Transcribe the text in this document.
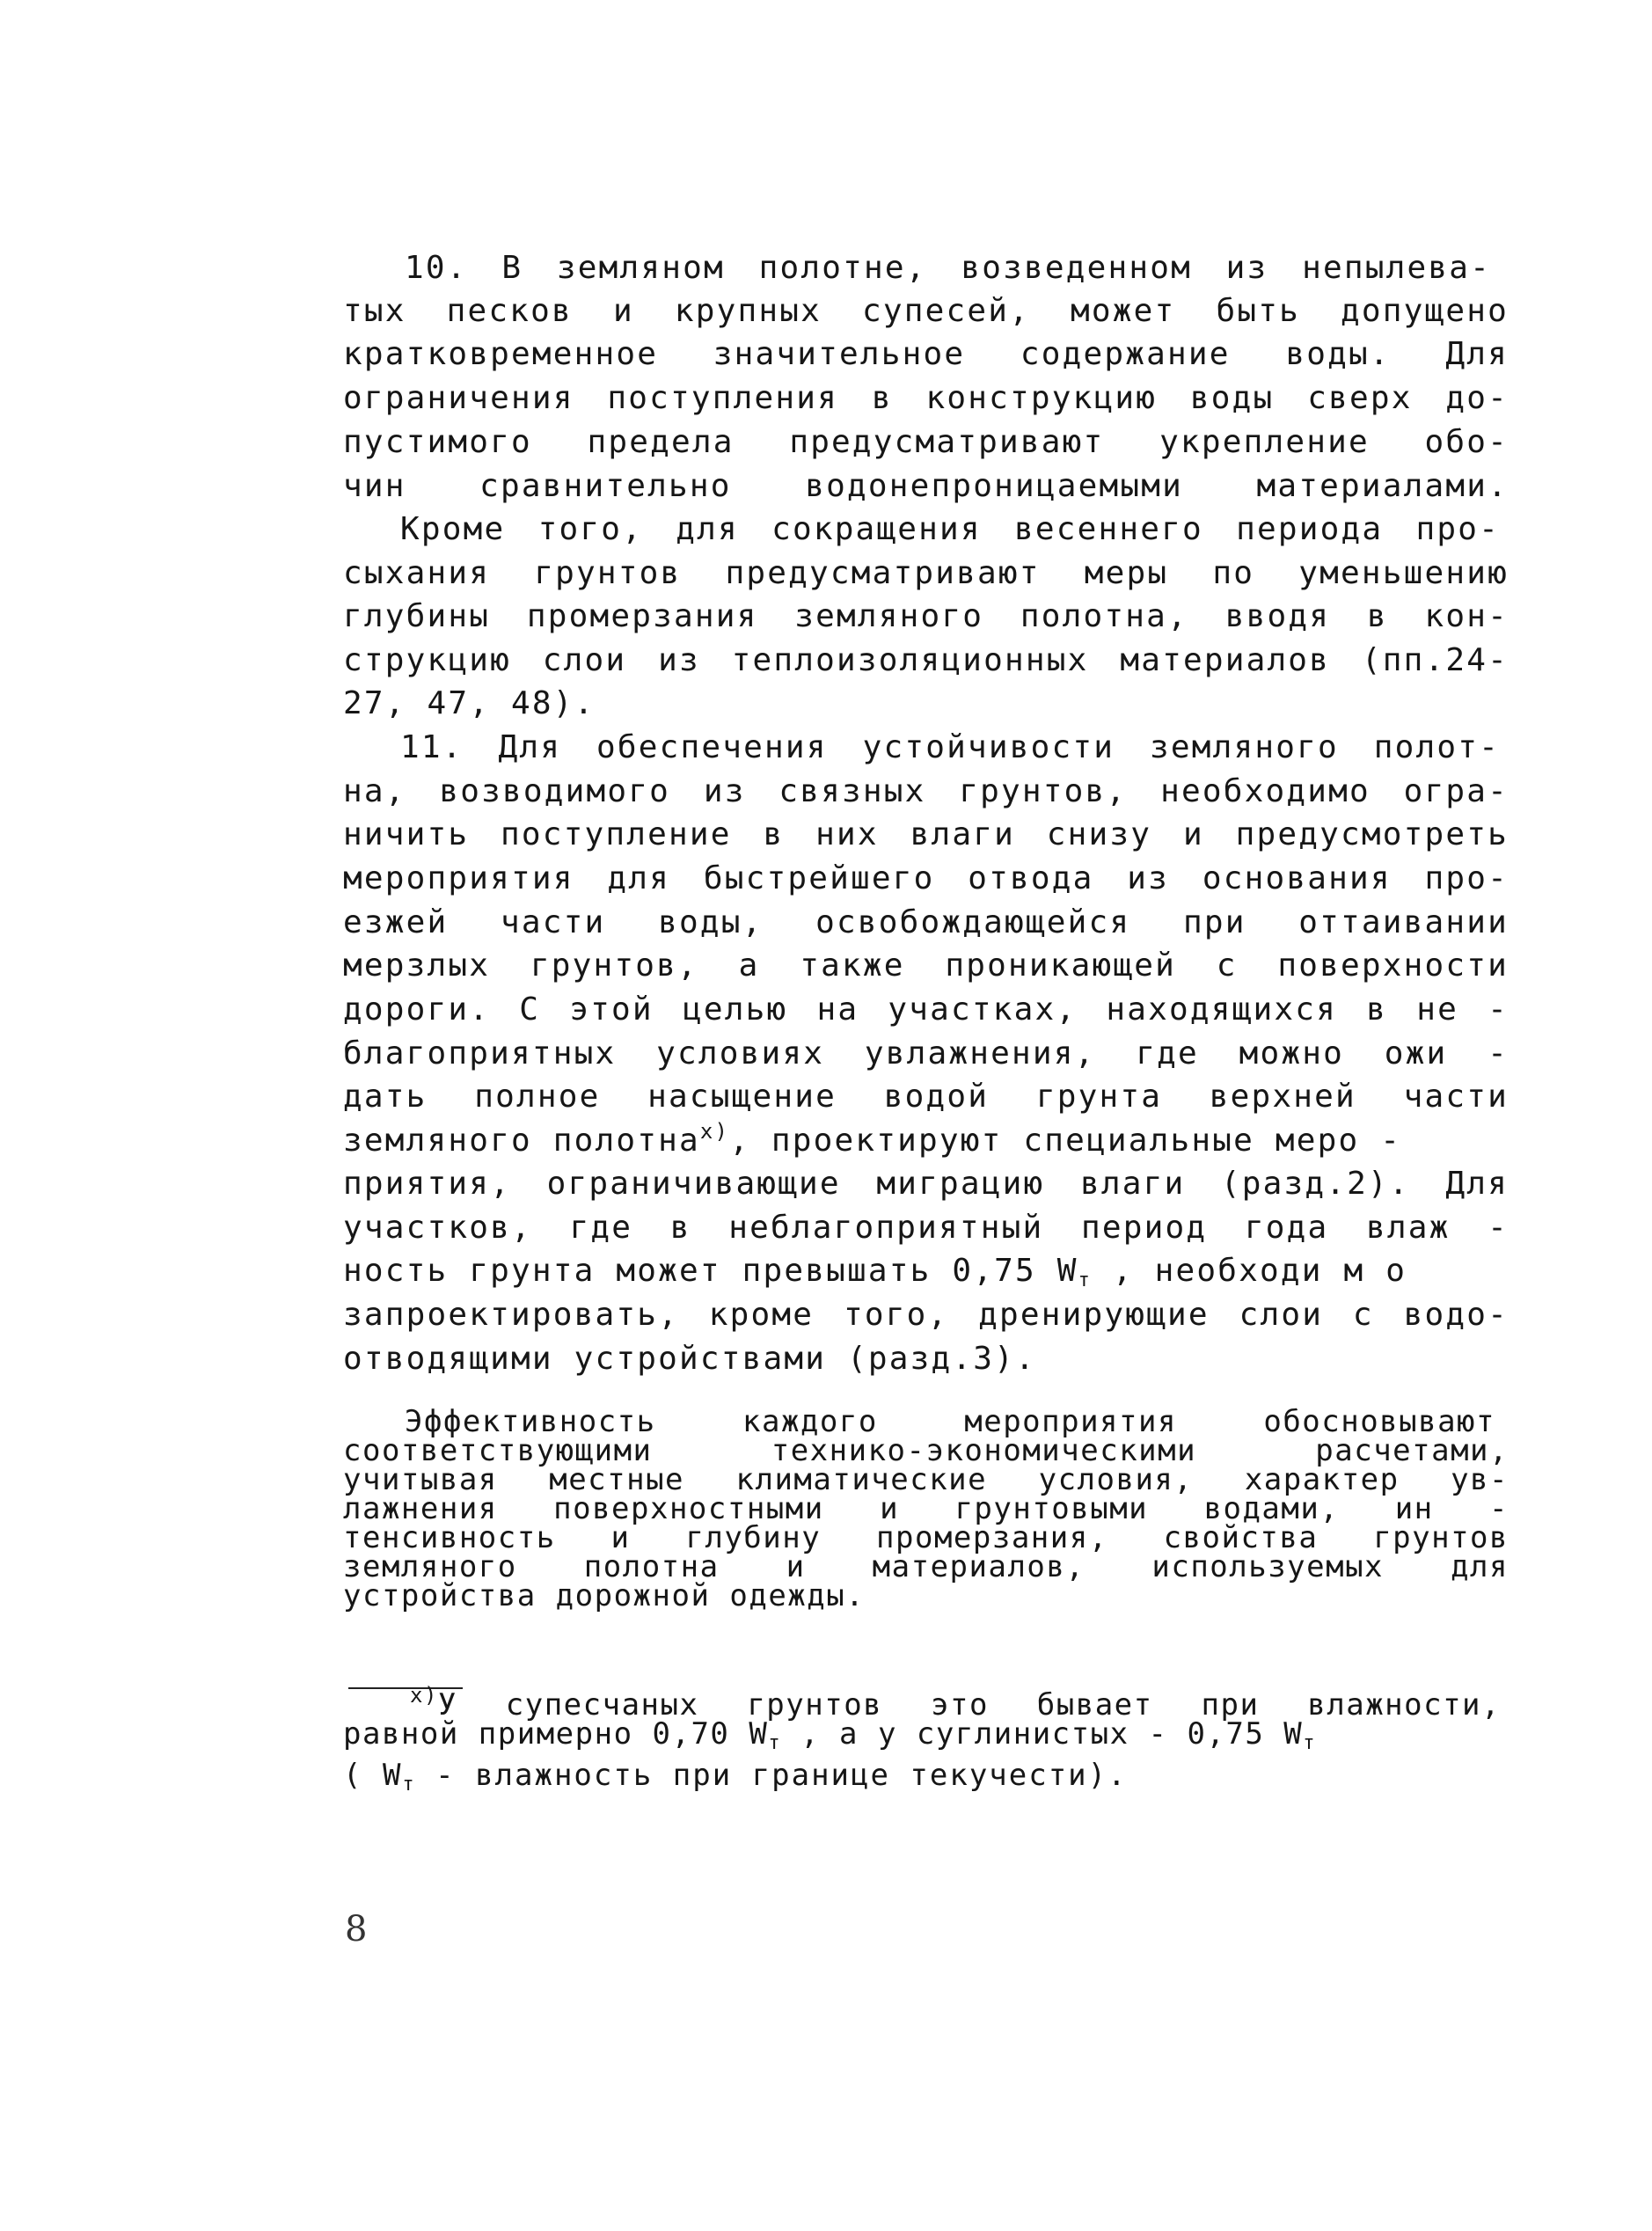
10. В земляном полотне, возведенном из непылева-
тых песков и крупных супесей, может быть допущено
кратковременное значительное содержание воды. Для
ограничения поступления в конструкцию воды сверх до-
пустимого предела предусматривают укрепление обо-
чин сравнительно водонепроницаемыми материалами.
Кроме того, для сокращения весеннего периода про-
сыхания грунтов предусматривают меры по уменьшению
глубины промерзания земляного полотна, вводя в кон-
струкцию слои из теплоизоляционных материалов (пп.24-
27, 47, 48).
11. Для обеспечения устойчивости земляного полот-
на, возводимого из связных грунтов, необходимо огра-
ничить поступление в них влаги снизу и предусмотреть
мероприятия для быстрейшего отвода из основания про-
езжей части воды, освобождающейся при оттаивании
мерзлых грунтов, а также проникающей с поверхности
дороги. С этой целью на участках, находящихся в не -
благоприятных условиях увлажнения, где можно ожи -
дать полное насыщение водой грунта верхней части
земляного полотна$^{x)}$, проектируют специальные меро -
приятия, ограничивающие миграцию влаги (разд.2). Для
участков, где в неблагоприятный период года влаж -
ность грунта может превышать 0,75 $W_т$ , необходи м о
запроектировать, кроме того, дренирующие слои с водо-
отводящими устройствами (разд.3).
Эффективность каждого мероприятия обосновывают
соответствующими технико-экономическими расчетами,
учитывая местные климатические условия, характер ув-
лажнения поверхностными и грунтовыми водами, ин -
тенсивность и глубину промерзания, свойства грунтов
земляного полотна и материалов, используемых для
устройства дорожной одежды.
$^{x)}$У супесчаных грунтов это бывает при влажности,
равной примерно 0,70 $W_т$ , а у суглинистых - 0,75 $W_т$
( $W_т$ - влажность при границе текучести).
8
